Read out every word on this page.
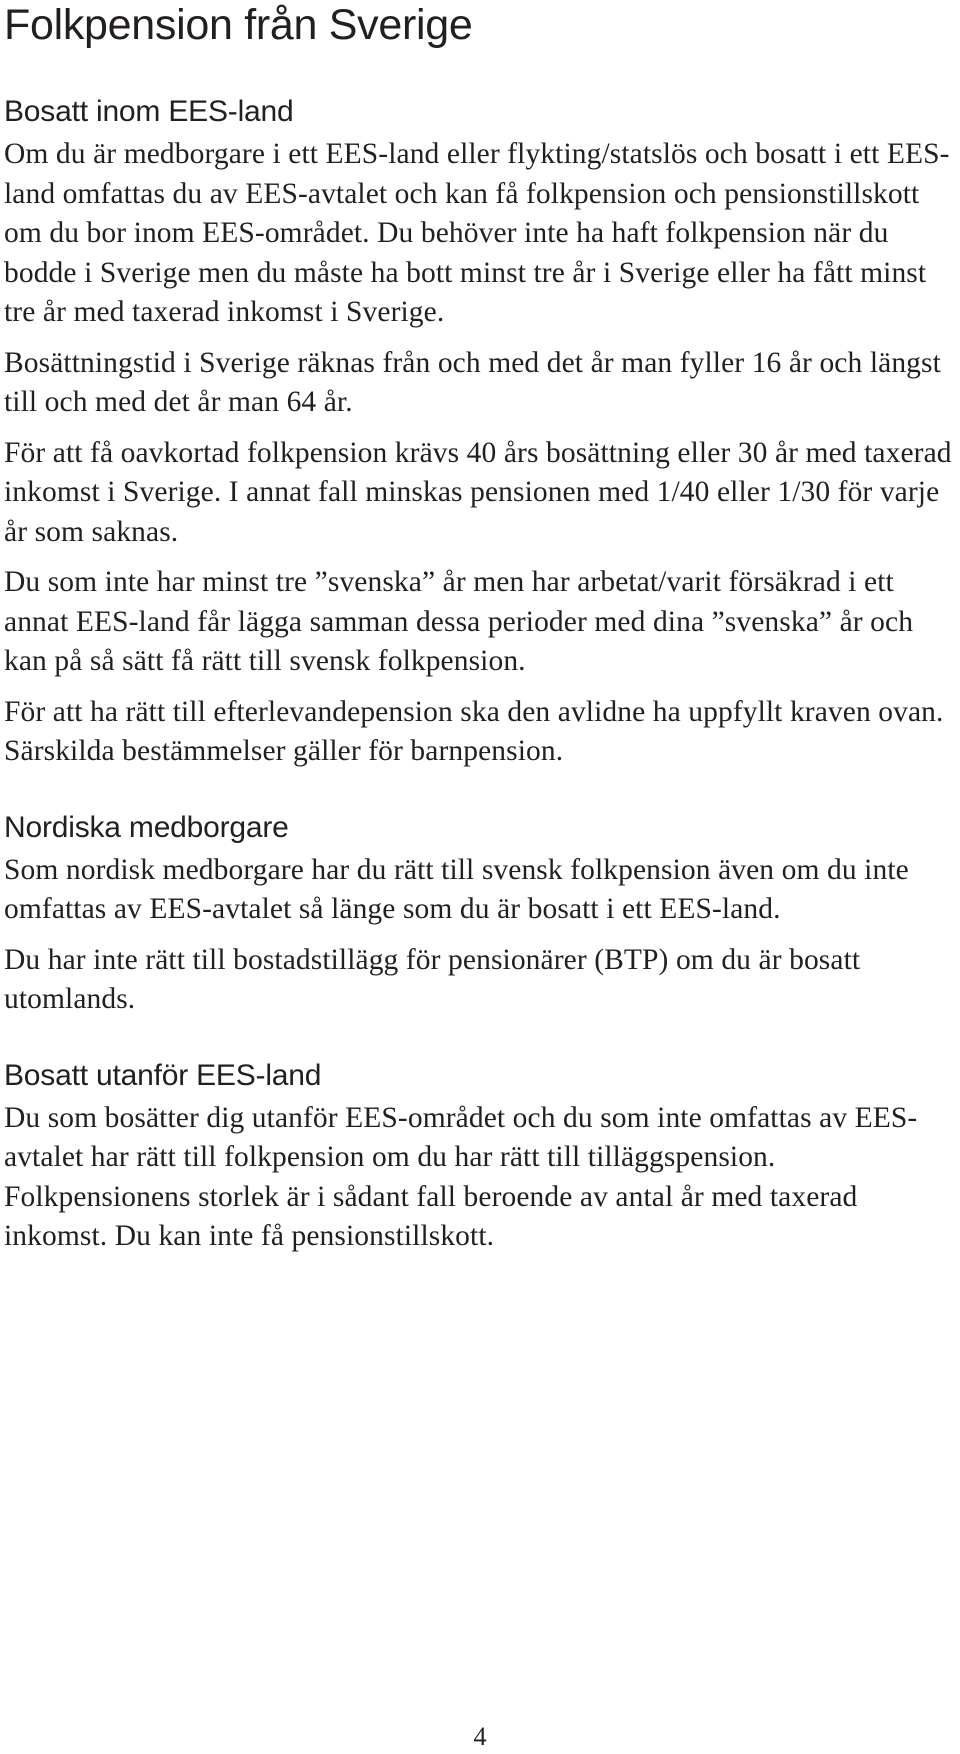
Folkpension från Sverige
Bosatt inom EES-land

Om du är medborgare i ett EES-land eller flykting/statslös och bosatt i ett EES-land omfattas du av EES-avtalet och kan få folkpension och pensionstillskott om du bor inom EES-området. Du behöver inte ha haft folkpension när du bodde i Sverige men du måste ha bott minst tre år i Sverige eller ha fått minst tre år med taxerad inkomst i Sverige.

Bosättningstid i Sverige räknas från och med det år man fyller 16 år och längst till och med det år man 64 år.

För att få oavkortad folkpension krävs 40 års bosättning eller 30 år med taxerad inkomst i Sverige. I annat fall minskas pensionen med 1/40 eller 1/30 för varje år som saknas.

Du som inte har minst tre ”svenska” år men har arbetat/varit försäkrad i ett annat EES-land får lägga samman dessa perioder med dina ”svenska” år och kan på så sätt få rätt till svensk folkpension.

För att ha rätt till efterlevandepension ska den avlidne ha uppfyllt kraven ovan. Särskilda bestämmelser gäller för barnpension.

Nordiska medborgare

Som nordisk medborgare har du rätt till svensk folkpension även om du inte omfattas av EES-avtalet så länge som du är bosatt i ett EES-land.

Du har inte rätt till bostadstillägg för pensionärer (BTP) om du är bosatt utomlands.

Bosatt utanför EES-land

Du som bosätter dig utanför EES-området och du som inte omfattas av EES-avtalet har rätt till folkpension om du har rätt till tilläggspension. Folkpensionens storlek är i sådant fall beroende av antal år med taxerad inkomst. Du kan inte få pensionstillskott.

4
